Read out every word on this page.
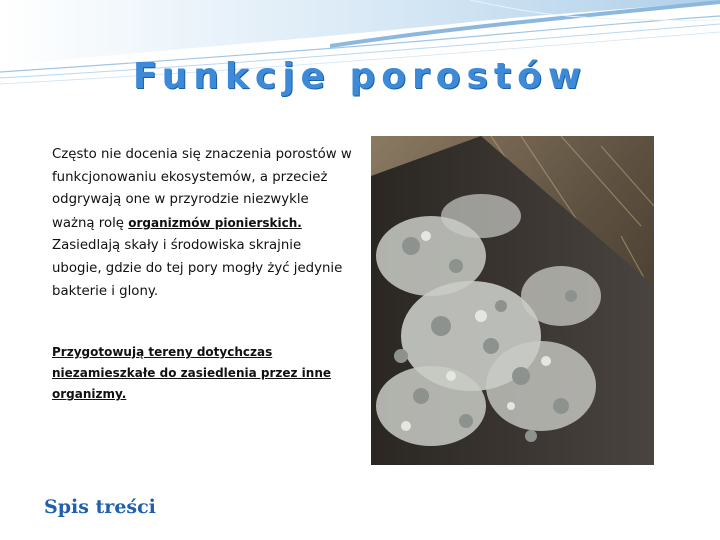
Funkcje porostów
Często nie docenia się znaczenia porostów w funkcjonowaniu ekosystemów, a przecież odgrywają one w przyrodzie niezwykle ważną rolę organizmów pionierskich. Zasiedlają skały i środowiska skrajnie ubogie, gdzie do tej pory mogły żyć jedynie bakterie i glony.
Przygotowują tereny dotychczas niezamieszkałe do zasiedlenia przez inne organizmy.
Spis treści
